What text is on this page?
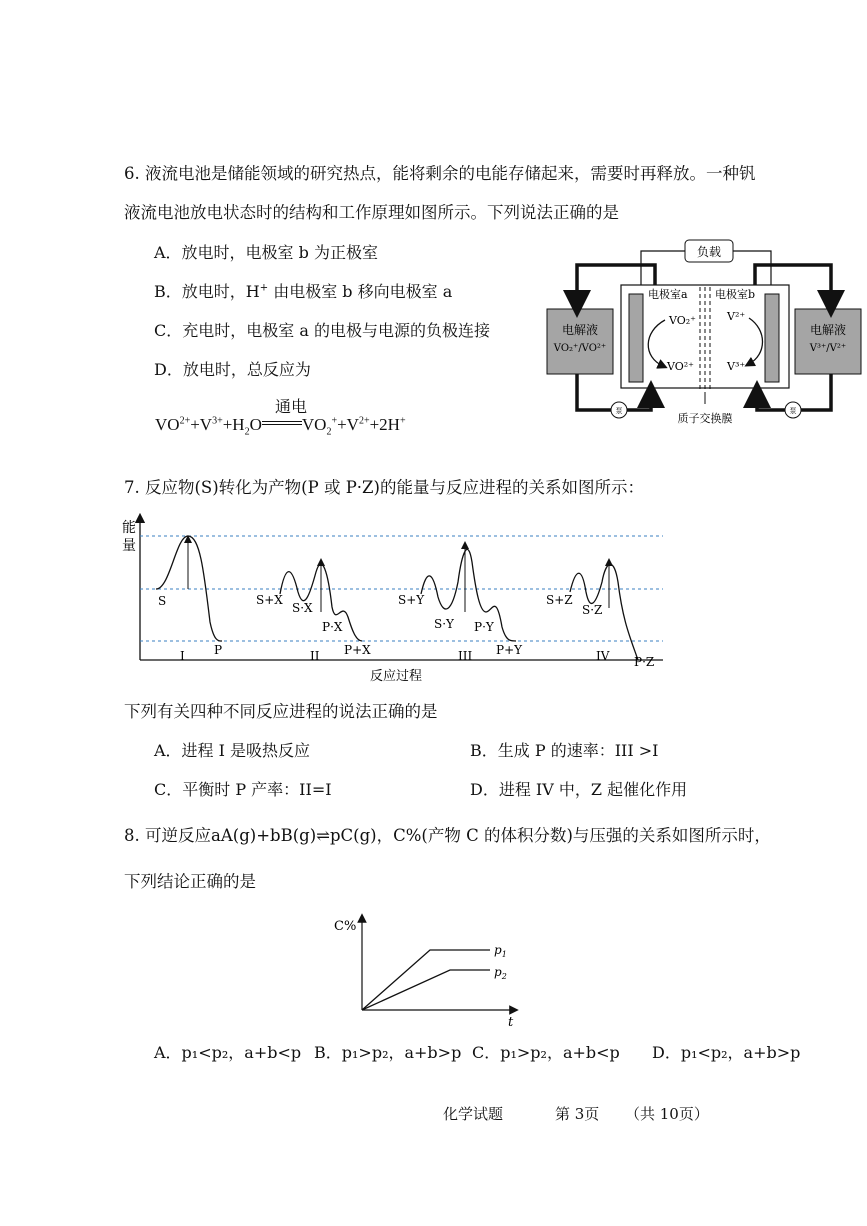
6. 液流电池是储能领域的研究热点，能将剩余的电能存储起来，需要时再释放。一种钒
液流电池放电状态时的结构和工作原理如图所示。下列说法正确的是
A．放电时，电极室 b 为正极室
B．放电时，H+ 由电极室 b 移向电极室 a
C．充电时，电极室 a 的电极与电源的负极连接
D．放电时，总反应为
$VO^{2+}+V^{3+}+H_2O$ $VO_2^++V^{2+}+2H^+$
通电
负载
电极室a 电极室b
VO₂⁺
VO²⁺
V²⁺
V³⁺
电解液
VO₂⁺/VO²⁺
电解液
V³⁺/V²⁺
泵	泵
质子交换膜
7. 反应物(S)转化为产物(P 或 P·Z)的能量与反应进程的关系如图所示：
能
量
S
P
I
S+X
S·X
P·X
P+X
II
S+Y
S·Y P·Y
P+Y
III
S+Z
S·Z
P·Z
IV
反应过程
下列有关四种不同反应进程的说法正确的是
A．进程 I 是吸热反应	B．生成 P 的速率：III >I
C．平衡时 P 产率：II=I	D．进程 IV 中，Z 起催化作用
8. 可逆反应aA(g)+bB(g)⇌pC(g)，C%(产物 C 的体积分数)与压强的关系如图所示时，
下列结论正确的是
C%
t
$p_1$
$p_2$
A．p₁<p₂，a+b<p B．p₁>p₂，a+b>p C．p₁>p₂，a+b<p D．p₁<p₂，a+b>p
化学试题	第 3页 （共 10页）
